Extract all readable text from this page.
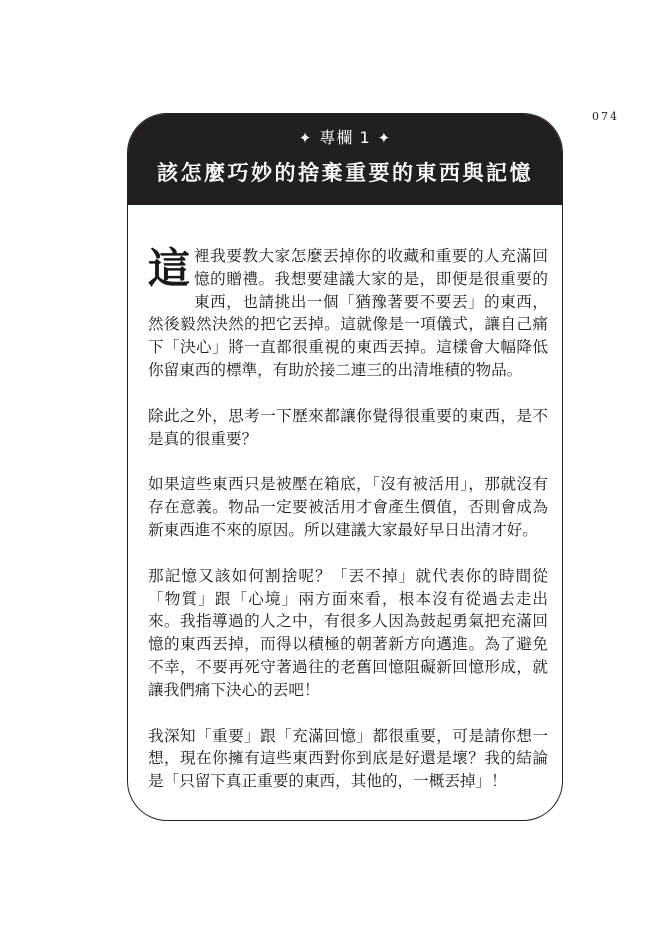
074
✦ 專欄 1 ✦
該怎麼巧妙的捨棄重要的東西與記憶

這裡我要教大家怎麼丟掉你的收藏和重要的人充滿回憶的贈禮。我想要建議大家的是，即便是很重要的東西，也請挑出一個「猶豫著要不要丟」的東西，然後毅然決然的把它丟掉。這就像是一項儀式，讓自己痛下「決心」將一直都很重視的東西丟掉。這樣會大幅降低你留東西的標準，有助於接二連三的出清堆積的物品。

除此之外，思考一下歷來都讓你覺得很重要的東西，是不是真的很重要？

如果這些東西只是被壓在箱底，「沒有被活用」，那就沒有存在意義。物品一定要被活用才會產生價值，否則會成為新東西進不來的原因。所以建議大家最好早日出清才好。

那記憶又該如何割捨呢？「丟不掉」就代表你的時間從「物質」跟「心境」兩方面來看，根本沒有從過去走出來。我指導過的人之中，有很多人因為鼓起勇氣把充滿回憶的東西丟掉，而得以積極的朝著新方向邁進。為了避免不幸，不要再死守著過往的老舊回憶阻礙新回憶形成，就讓我們痛下決心的丟吧！

我深知「重要」跟「充滿回憶」都很重要，可是請你想一想，現在你擁有這些東西對你到底是好還是壞？我的結論是「只留下真正重要的東西，其他的，一概丟掉」！
